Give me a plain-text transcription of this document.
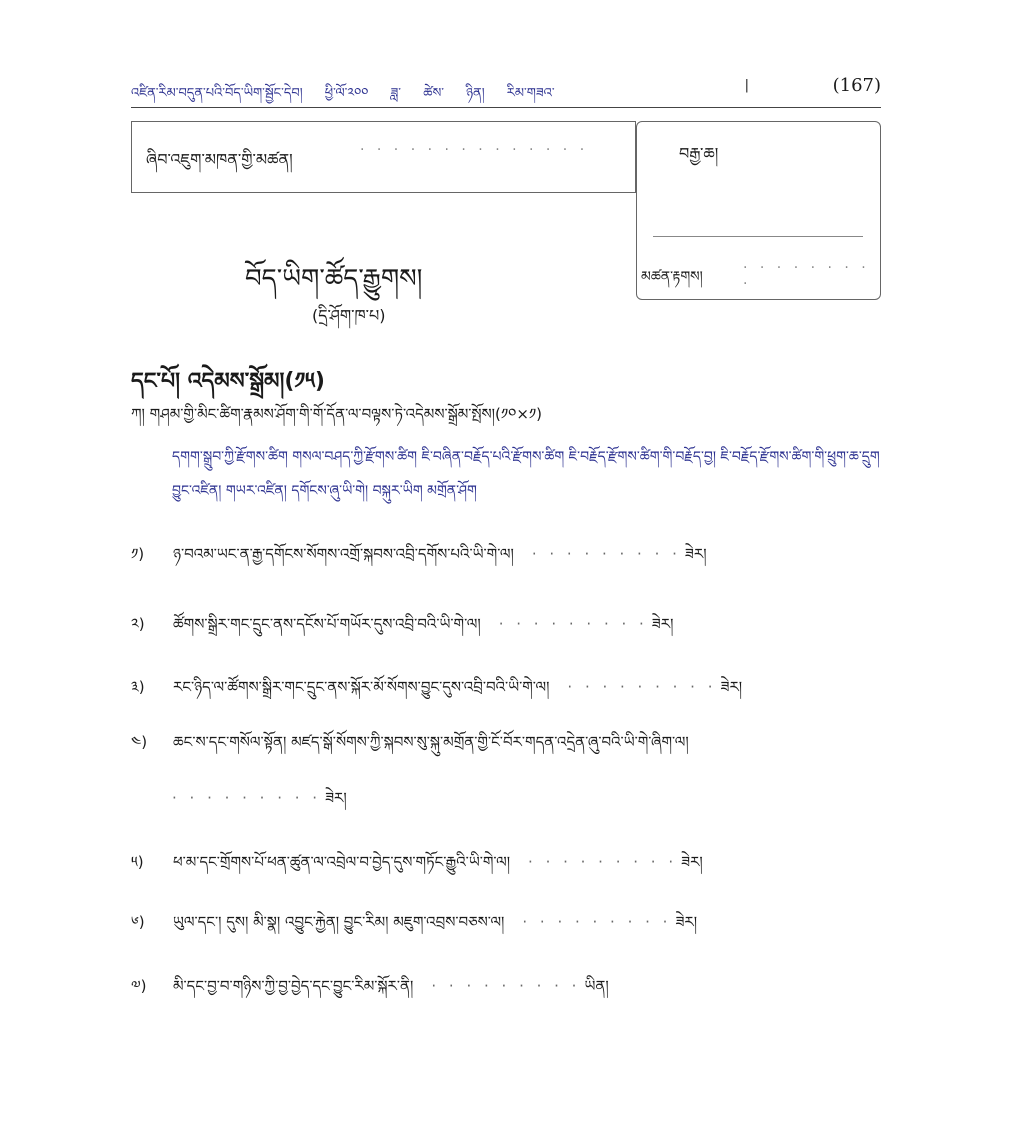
འཛིན་རིམ་བདུན་པའི་བོད་ཡིག་སྦྱོང་དེབ། ཕྱི་ལོ་༢༠༠ ཟླ་ ཚེས་ ཉིན། རིམ་གཟའ་
|	(167)
ཞིབ་འཇུག་མཁན་གྱི་མཚན།	· · · · · · · · · · · · · ·	བརྒྱ་ཆ།
མཚན་རྟགས།
· · · · · · · · ·
བོད་ཡིག་ཚོད་རྒྱུགས།
(དྲི་ཤོག་ཁ་པ)
དང་པོ། འདེམས་སྒྲོམ།(༡༥)
ཀ། གཤམ་གྱི་མིང་ཚིག་རྣམས་ཤོག་གི་གོ་དོན་ལ་བལྟས་ཏེ་འདེམས་སྒྲོམ་སྤོས།(༡༠×༡)
དགག་སྒྲུབ་ཀྱི་རྫོགས་ཚིག གསལ་བཤད་ཀྱི་རྫོགས་ཚིག ཇི་བཞིན་བརྗོད་པའི་རྫོགས་ཚིག ཇི་བརྗོད་རྫོགས་ཚིག་གི་བརྗོད་བྱ། ཇི་བརྗོད་རྫོགས་ཚིག་གི་ཕྲུག་ཆ་དྲུག བྱུང་འཛིན། གཡར་འཛིན། དགོངས་ཞུ་ཡི་གེ། བསྐུར་ཡིག མགྲོན་ཤོག
༡) ཉ་བའམ་ཡང་ན་རྒྱ་དགོངས་སོགས་འགྲོ་སྐབས་འབྲི་དགོས་པའི་ཡི་གེ་ལ། · · · · · · · · · ཟེར།
༢) ཚོགས་སྒྲིར་གང་དྲུང་ནས་དངོས་པོ་གཡོར་དུས་འབྲི་བའི་ཡི་གེ་ལ། · · · · · · · · · ཟེར།
༣) རང་ཉིད་ལ་ཚོགས་སྒྲིར་གང་དྲུང་ནས་སྐོར་མོ་སོགས་བྱུང་དུས་འབྲི་བའི་ཡི་གེ་ལ། · · · · · · · · · ཟེར།
༤) ཆང་ས་དང་གསོལ་སྟོན། མཛད་སྒོ་སོགས་ཀྱི་སྐབས་སུ་སྐུ་མགྲོན་གྱི་ངོ་བོར་གདན་འདྲེན་ཞུ་བའི་ཡི་གེ་ཞིག་ལ།
· · · · · · · · · ཟེར།
༥) ཕ་མ་དང་གྲོགས་པོ་ཕན་ཚུན་ལ་འབྲེལ་བ་བྱེད་དུས་གཏོང་རྒྱུའི་ཡི་གེ་ལ། · · · · · · · · · ཟེར།
༦) ཡུལ་དང་། དུས། མི་སྣ། འབྱུང་རྐྱེན། བྱུང་རིམ། མཇུག་འབྲས་བཅས་ལ། · · · · · · · · · ཟེར།
༧) མི་དང་བྱ་བ་གཉིས་ཀྱི་བྱ་བྱེད་དང་བྱུང་རིམ་སྐོར་ནི། · · · · · · · · · ཡིན།
